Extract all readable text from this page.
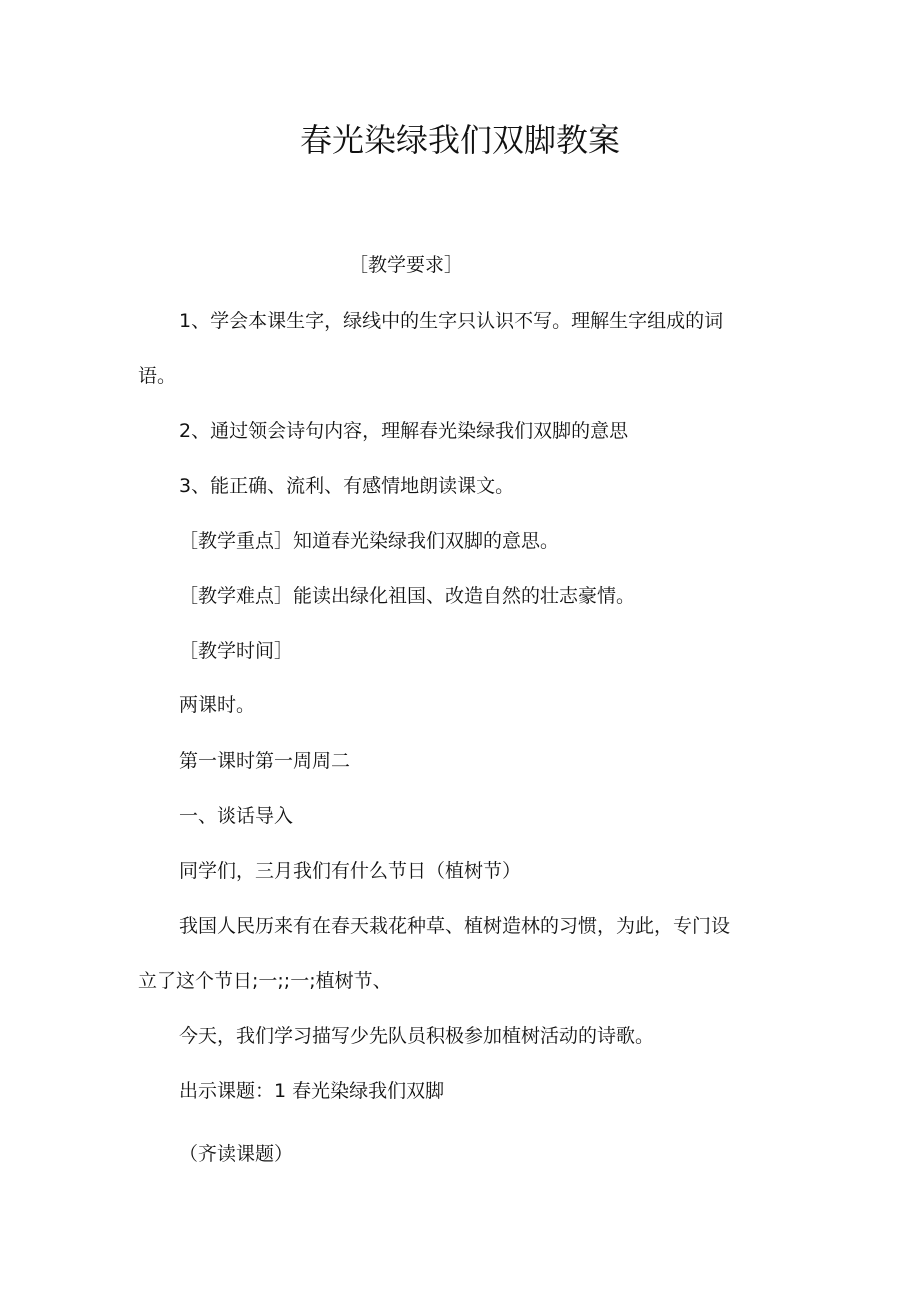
春光染绿我们双脚教案
［教学要求］
1、学会本课生字，绿线中的生字只认识不写。理解生字组成的词
语。
2、通过领会诗句内容，理解春光染绿我们双脚的意思
3、能正确、流利、有感情地朗读课文。
［教学重点］知道春光染绿我们双脚的意思。
［教学难点］能读出绿化祖国、改造自然的壮志豪情。
［教学时间］
两课时。
第一课时第一周周二
一、谈话导入
同学们，三月我们有什么节日（植树节）
我国人民历来有在春天栽花种草、植树造林的习惯，为此，专门设
立了这个节日;一;;一;植树节、
今天，我们学习描写少先队员积极参加植树活动的诗歌。
出示课题：1 春光染绿我们双脚
（齐读课题）
